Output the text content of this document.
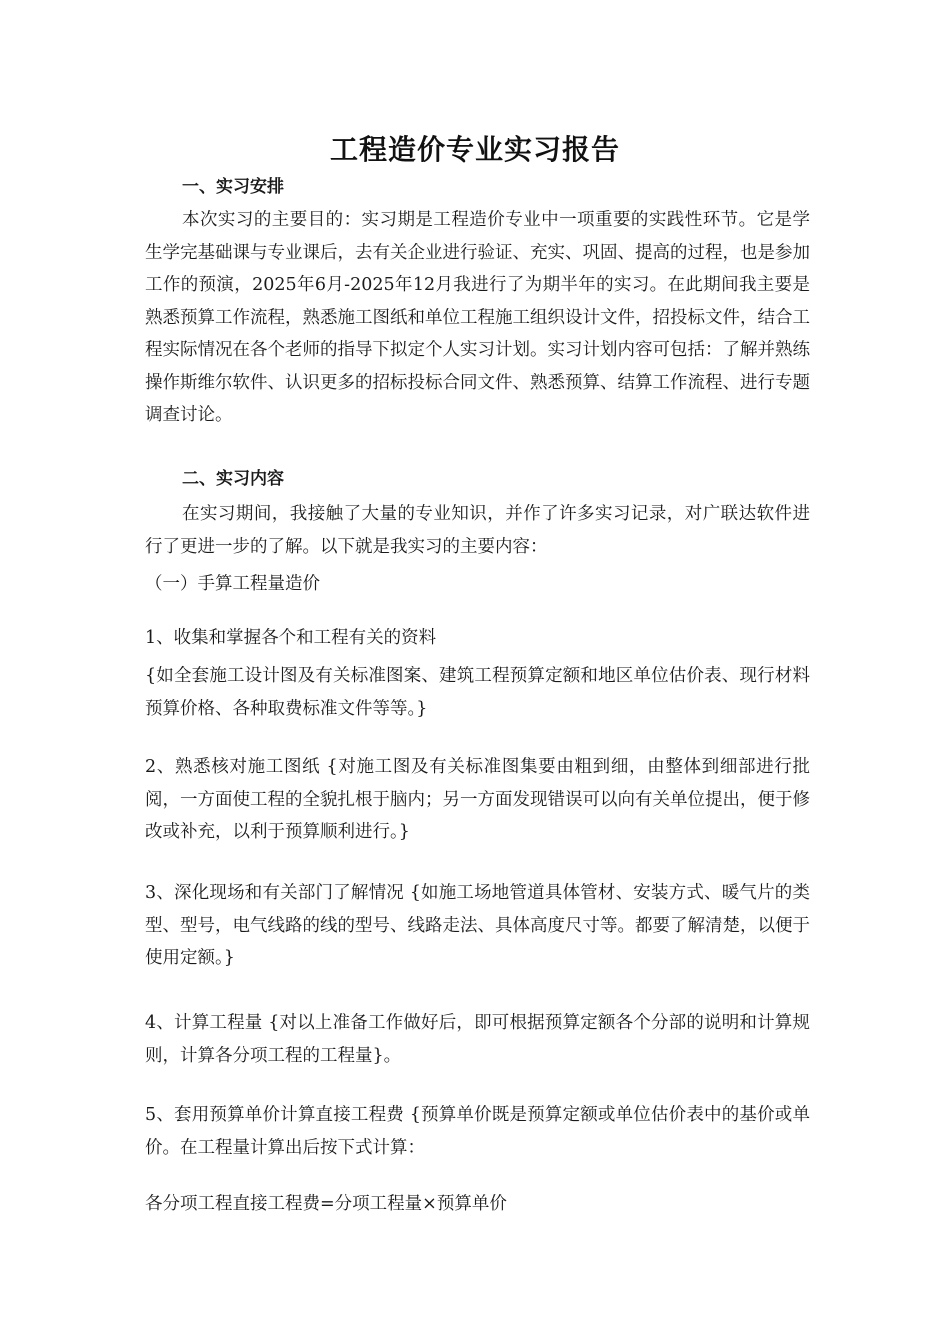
工程造价专业实习报告

一、实习安排

本次实习的主要目的：实习期是工程造价专业中一项重要的实践性环节。它是学生学完基础课与专业课后，去有关企业进行验证、充实、巩固、提高的过程，也是参加工作的预演，2025年6月-2025年12月我进行了为期半年的实习。在此期间我主要是熟悉预算工作流程，熟悉施工图纸和单位工程施工组织设计文件，招投标文件，结合工程实际情况在各个老师的指导下拟定个人实习计划。实习计划内容可包括：了解并熟练操作斯维尔软件、认识更多的招标投标合同文件、熟悉预算、结算工作流程、进行专题调查讨论。

二、实习内容

在实习期间，我接触了大量的专业知识，并作了许多实习记录，对广联达软件进行了更进一步的了解。以下就是我实习的主要内容：

（一）手算工程量造价

1、收集和掌握各个和工程有关的资料

{如全套施工设计图及有关标准图案、建筑工程预算定额和地区单位估价表、现行材料预算价格、各种取费标准文件等等。}

2、熟悉核对施工图纸 {对施工图及有关标准图集要由粗到细，由整体到细部进行批阅，一方面使工程的全貌扎根于脑内；另一方面发现错误可以向有关单位提出，便于修改或补充，以利于预算顺利进行。}

3、深化现场和有关部门了解情况 {如施工场地管道具体管材、安装方式、暖气片的类型、型号，电气线路的线的型号、线路走法、具体高度尺寸等。都要了解清楚，以便于使用定额。}

4、计算工程量 {对以上准备工作做好后，即可根据预算定额各个分部的说明和计算规则，计算各分项工程的工程量}。

5、套用预算单价计算直接工程费 {预算单价既是预算定额或单位估价表中的基价或单价。在工程量计算出后按下式计算：

各分项工程直接工程费=分项工程量×预算单价
